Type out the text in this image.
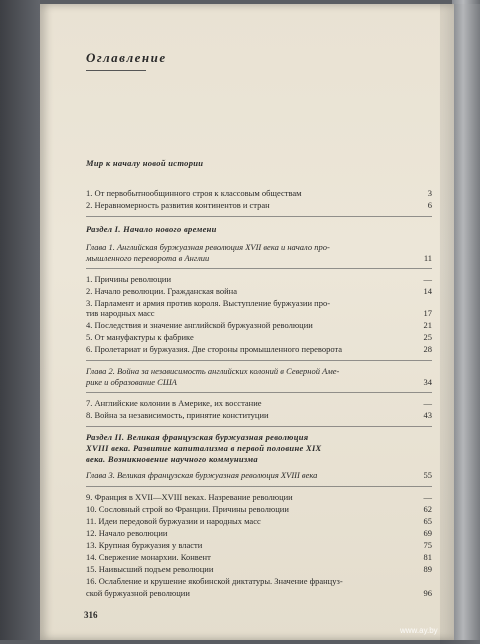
Оглавление
Мир к началу новой истории
1. От первобытнообщинного строя к классовым обществам	3
2. Неравномерность развития континентов и стран	6
Раздел I. Начало нового времени
Глава 1. Английская буржуазная революция XVII века и начало про-
мышленного переворота в Англии	11
1. Причины революции	—
2. Начало революции. Гражданская война	14
3. Парламент и армия против короля. Выступление буржуазии про-
тив народных масс	17
4. Последствия и значение английской буржуазной революции	21
5. От мануфактуры к фабрике	25
6. Пролетариат и буржуазия. Две стороны промышленного переворота	28
Глава 2. Война за независимость английских колоний в Северной Аме-
рике и образование США	34
7. Английские колонии в Америке, их восстание	—
8. Война за независимость, принятие конституции	43
Раздел II. Великая французская буржуазная революция
XVIII века. Развитие капитализма в первой половине XIX
века. Возникновение научного коммунизма
Глава 3. Великая французская буржуазная революция XVIII века	55
9. Франция в XVII—XVIII веках. Назревание революции	—
10. Сословный строй во Франции. Причины революции	62
11. Идеи передовой буржуазии и народных масс	65
12. Начало революции	69
13. Крупная буржуазия у власти	75
14. Свержение монархии. Конвент	81
15. Наивысший подъем революции	89
16. Ослабление и крушение якобинской диктатуры. Значение француз-
ской буржуазной революции	96
316
www.ay.by
